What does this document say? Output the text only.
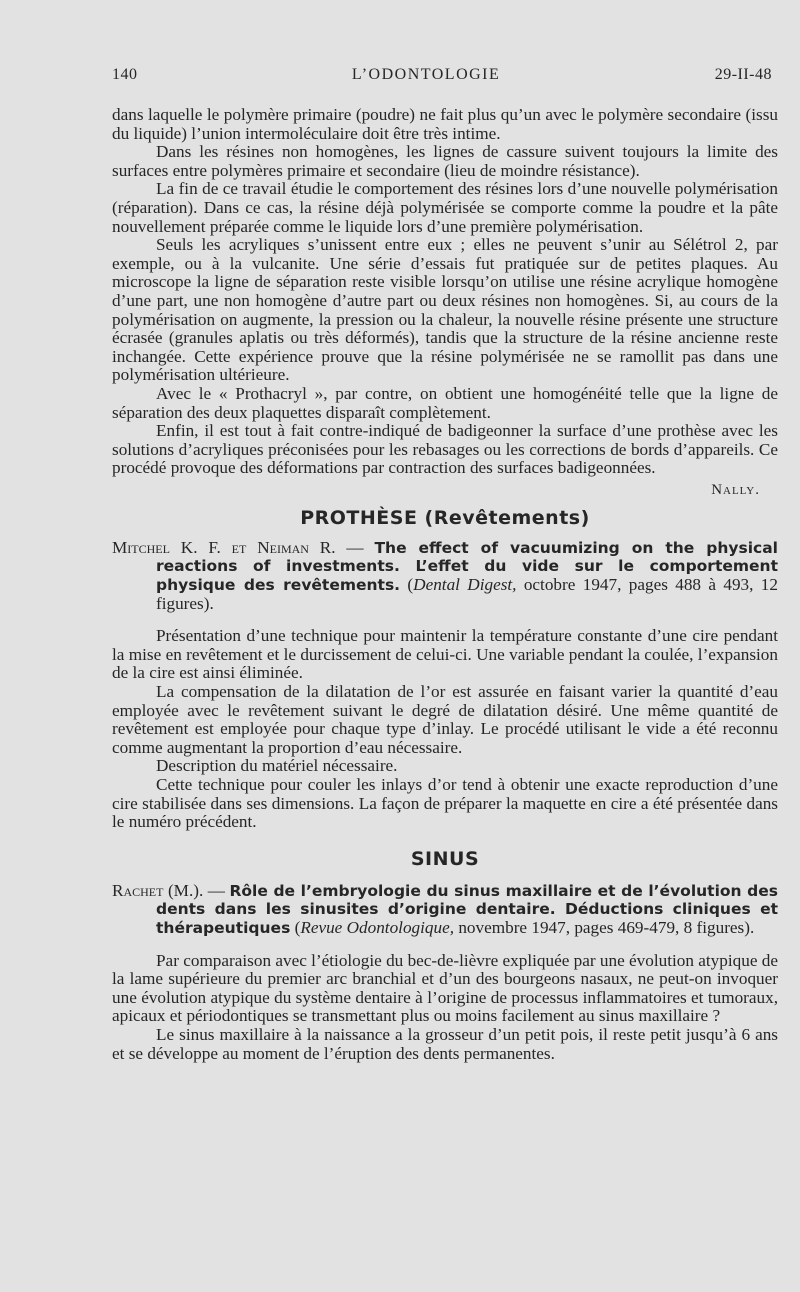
140	L’ODONTOLOGIE	29-II-48

dans laquelle le polymère primaire (poudre) ne fait plus qu’un avec le polymère secondaire (issu du liquide) l’union intermoléculaire doit être très intime.

Dans les résines non homogènes, les lignes de cassure suivent toujours la limite des surfaces entre polymères primaire et secondaire (lieu de moindre résistance).

La fin de ce travail étudie le comportement des résines lors d’une nouvelle polymérisation (réparation). Dans ce cas, la résine déjà polymérisée se comporte comme la poudre et la pâte nouvellement préparée comme le liquide lors d’une première polymérisation.

Seuls les acryliques s’unissent entre eux ; elles ne peuvent s’unir au Sélétrol 2, par exemple, ou à la vulcanite. Une série d’essais fut pratiquée sur de petites plaques. Au microscope la ligne de séparation reste visible lorsqu’on utilise une résine acrylique homogène d’une part, une non homogène d’autre part ou deux résines non homogènes. Si, au cours de la polymérisation on augmente, la pression ou la chaleur, la nouvelle résine présente une structure écrasée (granules aplatis ou très déformés), tandis que la structure de la résine ancienne reste inchangée. Cette expérience prouve que la résine polymérisée ne se ramollit pas dans une polymérisation ultérieure.

Avec le « Prothacryl », par contre, on obtient une homogénéité telle que la ligne de séparation des deux plaquettes disparaît complètement.

Enfin, il est tout à fait contre-indiqué de badigeonner la surface d’une prothèse avec les solutions d’acryliques préconisées pour les rebasages ou les corrections de bords d’appareils. Ce procédé provoque des déformations par contraction des surfaces badigeonnées.

Nally.
PROTHÈSE (Revêtements)

Mitchel K. F. et Neiman R. — The effect of vacuumizing on the physical reactions of investments. L’effet du vide sur le comportement physique des revêtements. (Dental Digest, octobre 1947, pages 488 à 493, 12 figures).

Présentation d’une technique pour maintenir la température constante d’une cire pendant la mise en revêtement et le durcissement de celui-ci. Une variable pendant la coulée, l’expansion de la cire est ainsi éliminée.

La compensation de la dilatation de l’or est assurée en faisant varier la quantité d’eau employée avec le revêtement suivant le degré de dilatation désiré. Une même quantité de revêtement est employée pour chaque type d’inlay. Le procédé utilisant le vide a été reconnu comme augmentant la proportion d’eau nécessaire.

Description du matériel nécessaire.

Cette technique pour couler les inlays d’or tend à obtenir une exacte reproduction d’une cire stabilisée dans ses dimensions. La façon de préparer la maquette en cire a été présentée dans le numéro précédent.

SINUS

Rachet (M.). — Rôle de l’embryologie du sinus maxillaire et de l’évolution des dents dans les sinusites d’origine dentaire. Déductions cliniques et thérapeutiques (Revue Odontologique, novembre 1947, pages 469-479, 8 figures).

Par comparaison avec l’étiologie du bec-de-lièvre expliquée par une évolution atypique de la lame supérieure du premier arc branchial et d’un des bourgeons nasaux, ne peut-on invoquer une évolution atypique du système dentaire à l’origine de processus inflammatoires et tumoraux, apicaux et périodontiques se transmettant plus ou moins facilement au sinus maxillaire ?

Le sinus maxillaire à la naissance a la grosseur d’un petit pois, il reste petit jusqu’à 6 ans et se développe au moment de l’éruption des dents permanentes.
